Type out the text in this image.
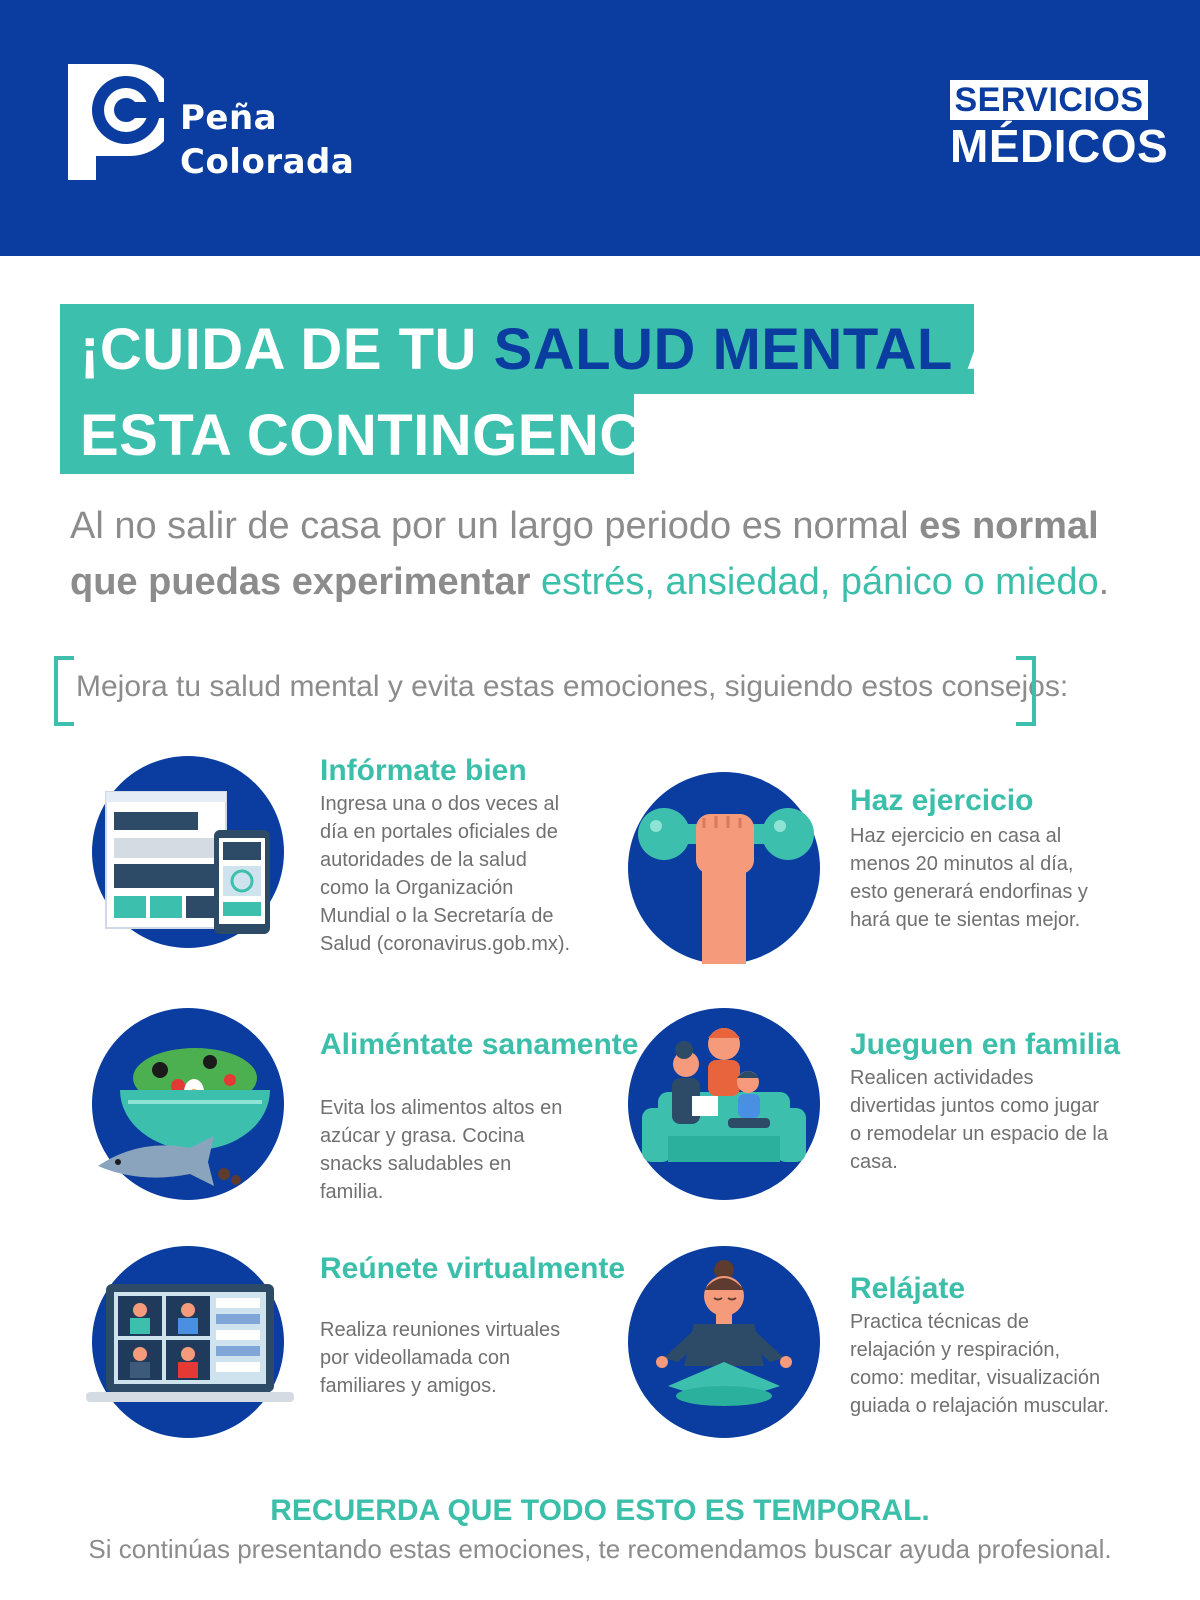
Peña
Colorada
SERVICIOS
MÉDICOS
¡CUIDA DE TU SALUD MENTAL ANTE
ESTA CONTINGENCIA!
Al no salir de casa por un largo periodo es normal es normal que puedas experimentar estrés, ansiedad, pánico o miedo.
Mejora tu salud mental y evita estas emociones, siguiendo estos consejos:
Infórmate bien
Ingresa una o dos veces al día en portales oficiales de autoridades de la salud como la Organización Mundial o la Secretaría de Salud (coronavirus.gob.mx).
Haz ejercicio
Haz ejercicio en casa al menos 20 minutos al día, esto generará endorfinas y hará que te sientas mejor.
Aliméntate sanamente
Evita los alimentos altos en azúcar y grasa. Cocina snacks saludables en familia.
Jueguen en familia
Realicen actividades divertidas juntos como jugar o remodelar un espacio de la casa.
Reúnete virtualmente
Realiza reuniones virtuales por videollamada con familiares y amigos.
Relájate
Practica técnicas de relajación y respiración, como: meditar, visualización guiada o relajación muscular.
RECUERDA QUE TODO ESTO ES TEMPORAL.
Si continúas presentando estas emociones, te recomendamos buscar ayuda profesional.
